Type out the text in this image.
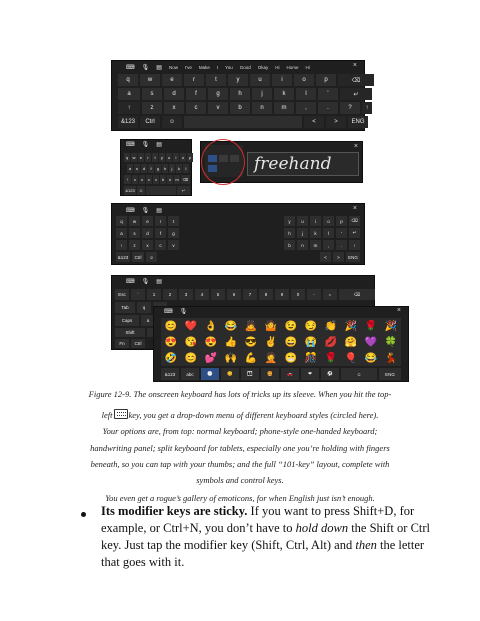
⌨ 🎙 ▤ Now I've Make I You Good Okay Hi Home Hi	×
q	w	e	r	t	y	u	i	o	p	⌫
a	s	d	f	g	h	j	k	l	'	↵
↑	z	x	c	v	b	n	m	,	.	?	↑
&123	Ctrl	☺	<	>	ENG
⌨ 🎙 ▤
q	w	e	r	t	y	u	i	o	p
a	s	d	f	g	h	j	k	l
↑	z	x	c	v	b	n	m	⌫
&123	☺	↵
freehand
×
⌨ 🎙 ▤	×
q	w	e	r	t
a	s	d	f	g
↑	z	x	c	v
&123	Ctrl	☺
y	u	i	o	p	⌫
h	j	k	l	'	↵
b	n	m	,	.	↑
<	>	ENG
⌨ 🎙 ▤
Esc	`	1	2	3	4	5	6	7	8	9	0	-	=	⌫
Tab	q
Caps	a
Shift
Fn	Ctrl
⌨ 🎙	×
😊 ❤️ 👌 😂 🙇 🤷 😉 😏 👏 🎉 🌹 🎉
😍 😘 😍 👍 😎 ✌️ 😄 😭 💋 🤗 💜 🍀
🤣 😊 💕 🙌 💪 🤦 😁 🎊 🌹 🎈 😂 💃
&123	abc	🕒	😊	👪	🍔	🚗	❤	⚽	☺	ENG
Figure 12-9. The onscreen keyboard has lots of tricks up its sleeve. When you hit the top-
left key, you get a drop-down menu of different keyboard styles (circled here).
Your options are, from top: normal keyboard; phone-style one-handed keyboard;
handwriting panel; split keyboard for tablets, especially one you’re holding with fingers
beneath, so you can tap with your thumbs; and the full “101-key” layout, complete with
symbols and control keys.
You even get a rogue’s gallery of emoticons, for when English just isn’t enough.
Its modifier keys are sticky. If you want to press Shift+D, for
example, or Ctrl+N, you don’t have to hold down the Shift or Ctrl
key. Just tap the modifier key (Shift, Ctrl, Alt) and then the letter
that goes with it.
